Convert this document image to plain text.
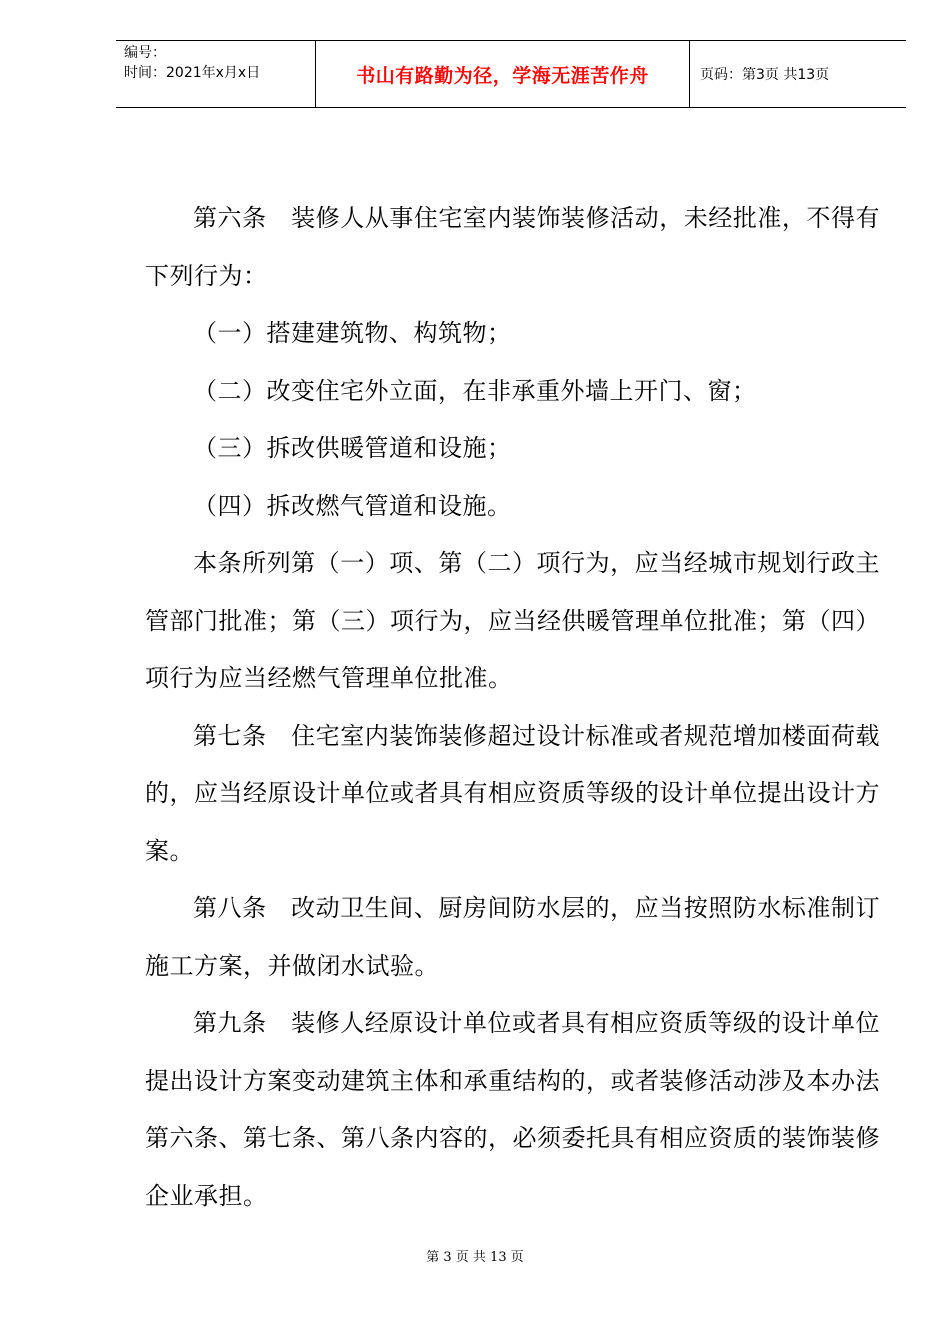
编号：
时间：2021年x月x日	书山有路勤为径，学海无涯苦作舟	页码：第3页 共13页

第六条　装修人从事住宅室内装饰装修活动，未经批准，不得有下列行为：

（一）搭建建筑物、构筑物；

（二）改变住宅外立面，在非承重外墙上开门、窗；

（三）拆改供暖管道和设施；

（四）拆改燃气管道和设施。

本条所列第（一）项、第（二）项行为，应当经城市规划行政主管部门批准；第（三）项行为，应当经供暖管理单位批准；第（四）项行为应当经燃气管理单位批准。

第七条　住宅室内装饰装修超过设计标准或者规范增加楼面荷载的，应当经原设计单位或者具有相应资质等级的设计单位提出设计方案。

第八条　改动卫生间、厨房间防水层的，应当按照防水标准制订施工方案，并做闭水试验。

第九条　装修人经原设计单位或者具有相应资质等级的设计单位提出设计方案变动建筑主体和承重结构的，或者装修活动涉及本办法第六条、第七条、第八条内容的，必须委托具有相应资质的装饰装修企业承担。

第 3 页 共 13 页
